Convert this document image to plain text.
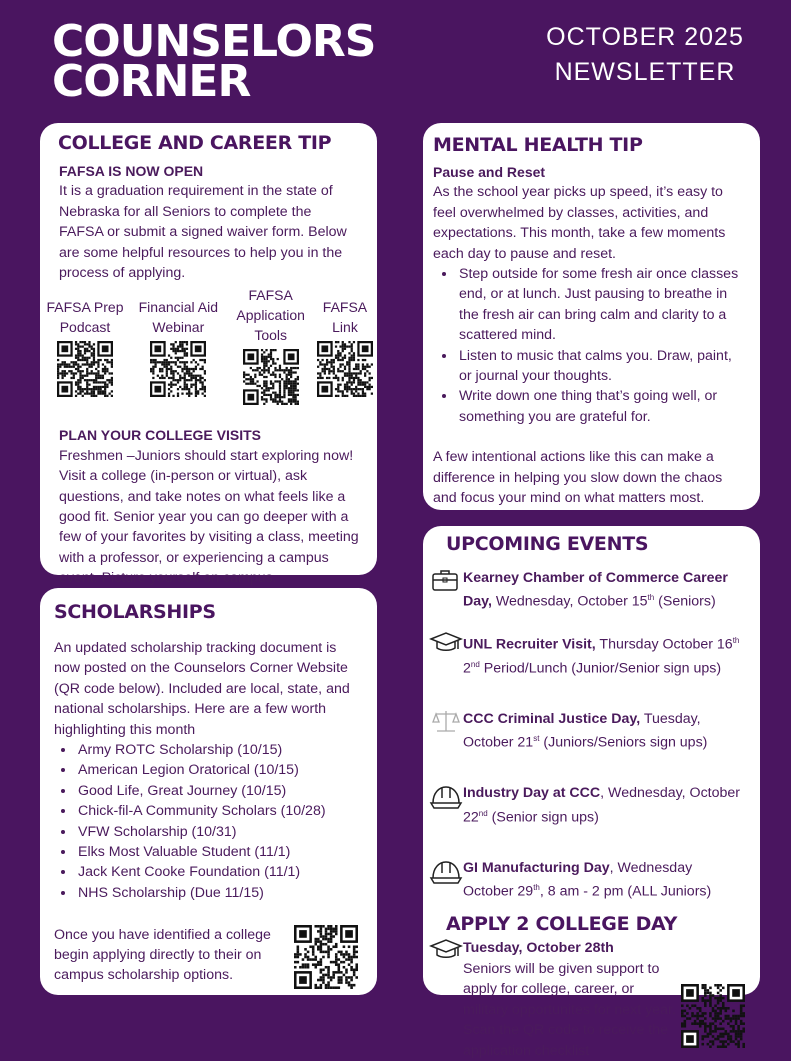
COUNSELORS
CORNER
OCTOBER 2025
NEWSLETTER
COLLEGE AND CAREER TIP
FAFSA IS NOW OPEN

It is a graduation requirement in the state of Nebraska for all Seniors to complete the FAFSA or submit a signed waiver form. Below are some helpful resources to help you in the process of applying.

FAFSA Prep Podcast
Financial Aid Webinar
FAFSA Application Tools
FAFSA Link
PLAN YOUR COLLEGE VISITS

Freshmen –Juniors should start exploring now! Visit a college (in-person or virtual), ask questions, and take notes on what feels like a good fit. Senior year you can go deeper with a few of your favorites by visiting a class, meeting with a professor, or experiencing a campus event. Picture yourself on campus.

SCHOLARSHIPS

An updated scholarship tracking document is now posted on the Counselors Corner Website (QR code below). Included are local, state, and national scholarships. Here are a few worth highlighting this month

• Army ROTC Scholarship (10/15)
• American Legion Oratorical (10/15)
• Good Life, Great Journey (10/15)
• Chick-fil-A Community Scholars (10/28)
• VFW Scholarship (10/31)
• Elks Most Valuable Student (11/1)
• Jack Kent Cooke Foundation (11/1)
• NHS Scholarship (Due 11/15)

Once you have identified a college begin applying directly to their on campus scholarship options.

MENTAL HEALTH TIP
Pause and Reset

As the school year picks up speed, it’s easy to feel overwhelmed by classes, activities, and expectations. This month, take a few moments each day to pause and reset.

• Step outside for some fresh air once classes end, or at lunch. Just pausing to breathe in the fresh air can bring calm and clarity to a scattered mind.
• Listen to music that calms you. Draw, paint, or journal your thoughts.
• Write down one thing that’s going well, or something you are grateful for.

A few intentional actions like this can make a difference in helping you slow down the chaos and focus your mind on what matters most.

UPCOMING EVENTS
Kearney Chamber of Commerce Career Day, Wednesday, October 15th (Seniors)
UNL Recruiter Visit, Thursday October 16th 2nd Period/Lunch (Junior/Senior sign ups)
CCC Criminal Justice Day, Tuesday, October 21st (Juniors/Seniors sign ups)
Industry Day at CCC, Wednesday, October 22nd (Senior sign ups)
GI Manufacturing Day, Wednesday October 29th, 8 am - 2 pm (ALL Juniors)
APPLY 2 COLLEGE DAY
Tuesday, October 28th

Seniors will be given support to apply for college, career, or military opportunites for next year. Scan the QR code to receive the application checklist
